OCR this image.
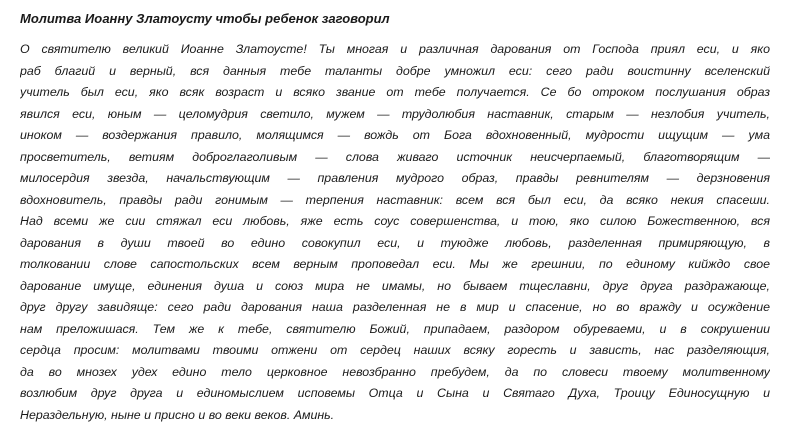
Молитва Иоанну Златоусту чтобы ребенок заговорил
О святителю великий Иоанне Златоусте! Ты многая и различная дарования от Господа приял еси, и яко
раб благий и верный, вся данныя тебе таланты добре умножил еси: сего ради воистинну вселенский
учитель был еси, яко всяк возраст и всяко звание от тебе получается. Се бо отроком послушания образ
явился еси, юным — целомудрия светило, мужем — трудолюбия наставник, старым — незлобия учитель,
иноком — воздержания правило, молящимся — вождь от Бога вдохновенный, мудрости ищущим — ума
просветитель, ветиям доброглаголивым — слова живаго источник неисчерпаемый, благотворящим —
милосердия звезда, начальствующим — правления мудрого образ, правды ревнителям — дерзновения
вдохновитель, правды ради гонимым — терпения наставник: всем вся был еси, да всяко некия спасеши.
Над всеми же сии стяжал еси любовь, яже есть соус совершенства, и тою, яко силою Божественною, вся
дарования в души твоей во едино совокупил еси, и туюдже любовь, разделенная примиряющую, в
толковании слове сапостольских всем верным проповедал еси. Мы же грешнии, по единому кийждо свое
дарование имуще, единения душа и союз мира не имамы, но бываем тщеславни, друг друга раздражающе,
друг другу завидяще: сего ради дарования наша разделенная не в мир и спасение, но во вражду и осуждение
нам преложишася. Тем же к тебе, святителю Божий, припадаем, раздором обуреваеми, и в сокрушении
сердца просим: молитвами твоими отжени от сердец наших всяку горесть и зависть, нас разделяющия,
да во мнозех удех едино тело церковное невозбранно пребудем, да по словеси твоему молитвенному
возлюбим друг друга и единомыслием исповемы Отца и Сына и Святаго Духа, Троицу Единосущную и
Нераздельную, ныне и присно и во веки веков. Аминь.
